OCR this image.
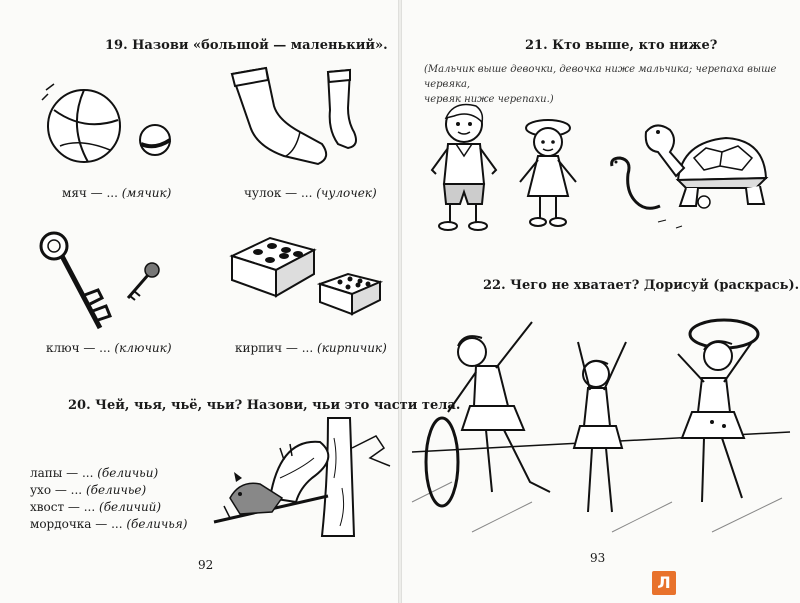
19. Назови «большой — маленький».
мяч — ... (мячик)	чулок — ... (чулочек)
ключ — ... (ключик)	кирпич — ... (кирпичик)
20. Чей, чья, чьё, чьи? Назови, чьи это части тела.
лапы — ... (беличьи)
ухо — ... (беличье)
хвост — ... (беличий)
мордочка — ... (беличья)
92
21. Кто выше, кто ниже?
(Мальчик выше девочки, девочка ниже мальчика; черепаха выше червяка,
червяк ниже черепахи.)
22. Чего не хватает? Дорисуй (раскрась).
93
Л
